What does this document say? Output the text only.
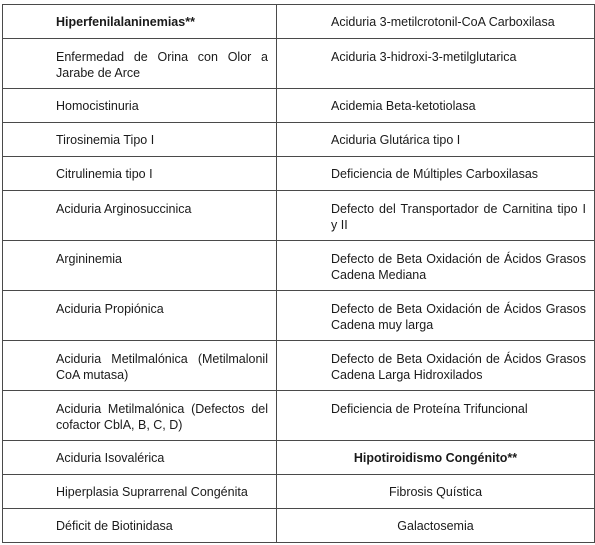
Hiperfenilalaninemias**	Aciduria 3-metilcrotonil-CoA Carboxilasa
Enfermedad de Orina con Olor a Jarabe de Arce	Aciduria 3-hidroxi-3-metilglutarica
Homocistinuria	Acidemia Beta-ketotiolasa
Tirosinemia Tipo I	Aciduria Glutárica tipo I
Citrulinemia tipo I	Deficiencia de Múltiples Carboxilasas
Aciduria Arginosuccinica	Defecto del Transportador de Carnitina tipo I y II
Argininemia	Defecto de Beta Oxidación de Ácidos Grasos Cadena Mediana
Aciduria Propiónica	Defecto de Beta Oxidación de Ácidos Grasos Cadena muy larga
Aciduria Metilmalónica (Metilmalonil CoA mutasa)	Defecto de Beta Oxidación de Ácidos Grasos Cadena Larga Hidroxilados
Aciduria Metilmalónica (Defectos del cofactor CblA, B, C, D)	Deficiencia de Proteína Trifuncional
Aciduria Isovalérica	Hipotiroidismo Congénito**
Hiperplasia Suprarrenal Congénita	Fibrosis Quística
Déficit de Biotinidasa	Galactosemia
